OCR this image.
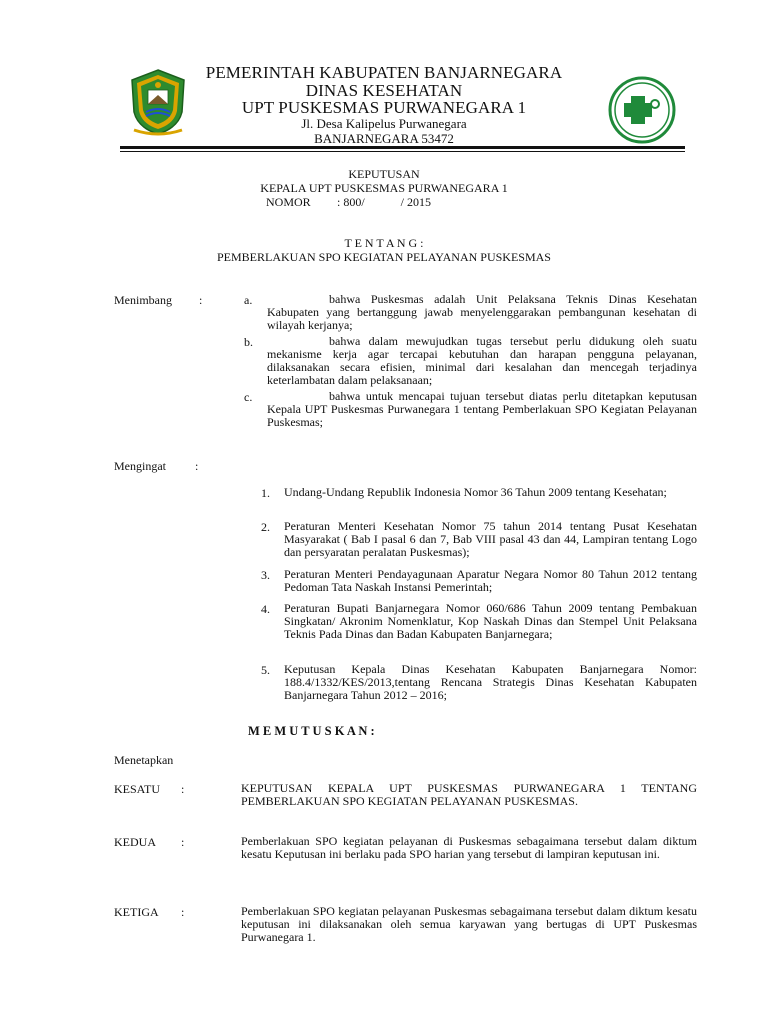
PEMERINTAH KABUPATEN BANJARNEGARA
DINAS KESEHATAN
UPT PUSKESMAS PURWANEGARA 1
Jl. Desa Kalipelus Purwanegara
BANJARNEGARA 53472
KEPUTUSAN
KEPALA UPT PUSKESMAS PURWANEGARA 1
NOMOR : 800/            / 2015
T E N T A N G :
PEMBERLAKUAN SPO KEGIATAN PELAYANAN PUSKESMAS
Menimbang :	a.	bahwa Puskesmas adalah Unit Pelaksana Teknis Dinas Kesehatan Kabupaten yang bertanggung jawab menyelenggarakan pembangunan kesehatan di wilayah kerjanya;
b.	bahwa dalam mewujudkan tugas tersebut perlu didukung oleh suatu mekanisme kerja agar tercapai kebutuhan dan harapan pengguna pelayanan, dilaksanakan secara efisien, minimal dari kesalahan dan mencegah terjadinya keterlambatan dalam pelaksanaan;
c.	bahwa untuk mencapai tujuan tersebut diatas perlu ditetapkan keputusan Kepala UPT Puskesmas Purwanegara 1 tentang Pemberlakuan SPO Kegiatan Pelayanan Puskesmas;
Mengingat :
1. Undang-Undang Republik Indonesia Nomor 36 Tahun 2009 tentang Kesehatan;
2. Peraturan Menteri Kesehatan Nomor 75 tahun 2014 tentang Pusat Kesehatan Masyarakat ( Bab I pasal 6 dan 7, Bab VIII pasal 43 dan 44, Lampiran tentang Logo dan persyaratan peralatan Puskesmas);
3. Peraturan Menteri Pendayagunaan Aparatur Negara Nomor 80 Tahun 2012 tentang Pedoman Tata Naskah Instansi Pemerintah;
4. Peraturan Bupati Banjarnegara Nomor 060/686 Tahun 2009 tentang Pembakuan Singkatan/ Akronim Nomenklatur, Kop Naskah Dinas dan Stempel Unit Pelaksana Teknis Pada Dinas dan Badan Kabupaten Banjarnegara;
5. Keputusan Kepala Dinas Kesehatan Kabupaten Banjarnegara Nomor: 188.4/1332/KES/2013,tentang Rencana Strategis Dinas Kesehatan Kabupaten Banjarnegara Tahun 2012 – 2016;
M E M U T U S K A N :
Menetapkan
KESATU :	KEPUTUSAN KEPALA UPT PUSKESMAS PURWANEGARA 1 TENTANG PEMBERLAKUAN SPO KEGIATAN PELAYANAN PUSKESMAS.
KEDUA :	Pemberlakuan SPO kegiatan pelayanan di Puskesmas sebagaimana tersebut dalam diktum kesatu Keputusan ini berlaku pada SPO harian yang tersebut di lampiran keputusan ini.
KETIGA :	Pemberlakuan SPO kegiatan pelayanan Puskesmas sebagaimana tersebut dalam diktum kesatu keputusan ini dilaksanakan oleh semua karyawan yang bertugas di UPT Puskesmas Purwanegara 1.
